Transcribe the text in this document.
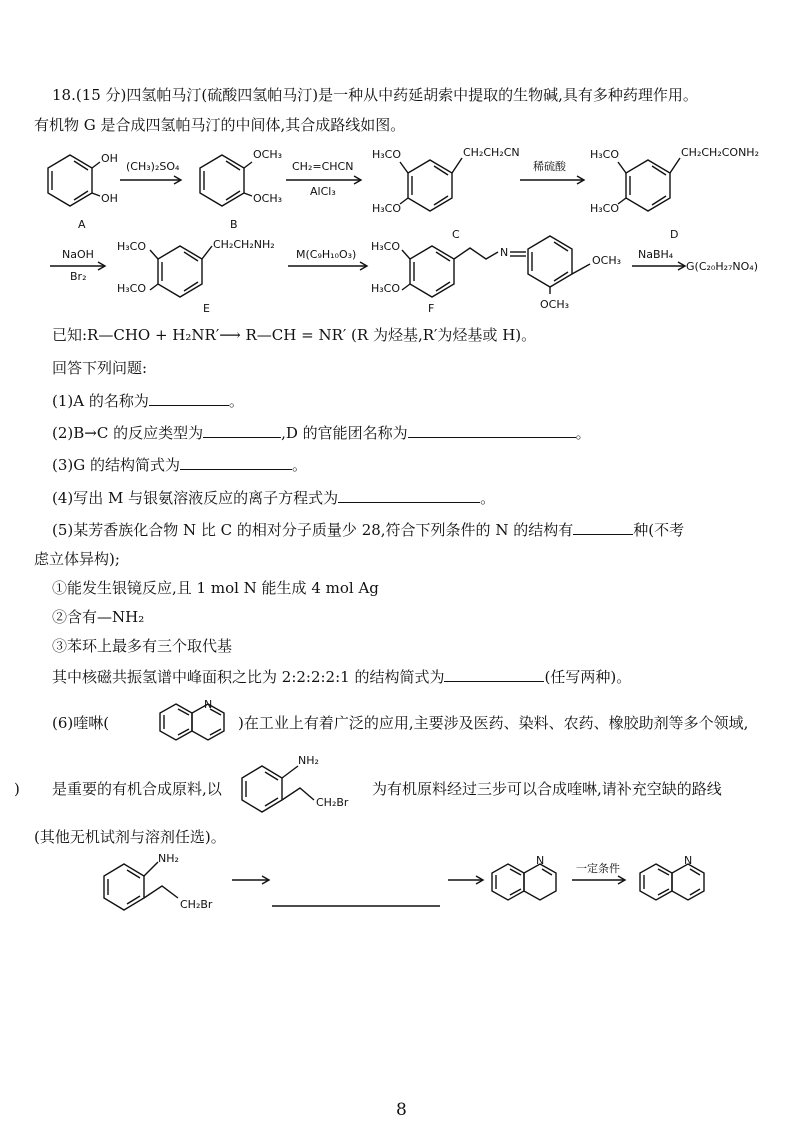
18.(15 分)四氢帕马汀(硫酸四氢帕马汀)是一种从中药延胡索中提取的生物碱,具有多种药理作用。
有机物 G 是合成四氢帕马汀的中间体,其合成路线如图。
OH
OH
A
(CH₃)₂SO₄
OCH₃
OCH₃
B
CH₂=CHCN
AlCl₃
H₃CO
H₃CO
CH₂CH₂CN
C
稀硫酸
H₃CO
H₃CO
CH₂CH₂CONH₂
D
NaOH
Br₂
H₃CO
H₃CO
CH₂CH₂NH₂
E
M(C₉H₁₀O₃)
H₃CO
H₃CO
N
OCH₃
OCH₃
F
NaBH₄
G(C₂₀H₂₇NO₄)
已知:R—CHO + H₂NR′⟶ R—CH = NR′ (R 为烃基,R′为烃基或 H)。
回答下列问题:
(1)A 的名称为	。
(2)B→C 的反应类型为	,D 的官能团名称为	。
(3)G 的结构简式为	。
(4)写出 M 与银氨溶液反应的离子方程式为	。
(5)某芳香族化合物 N 比 C 的相对分子质量少 28,符合下列条件的 N 的结构有	种(不考
虑立体异构);
①能发生银镜反应,且 1 mol N 能生成 4 mol Ag
②含有—NH₂
③苯环上最多有三个取代基
其中核磁共振氢谱中峰面积之比为 2:2:2:2:1 的结构简式为	(任写两种)。
(6)喹啉(
N
)在工业上有着广泛的应用,主要涉及医药、染料、农药、橡胶助剂等多个领域,
) 是重要的有机合成原料,以
NH₂
CH₂Br
为有机原料经过三步可以合成喹啉,请补充空缺的路线
(其他无机试剂与溶剂任选)。
NH₂
CH₂Br
N
一定条件
N
8
